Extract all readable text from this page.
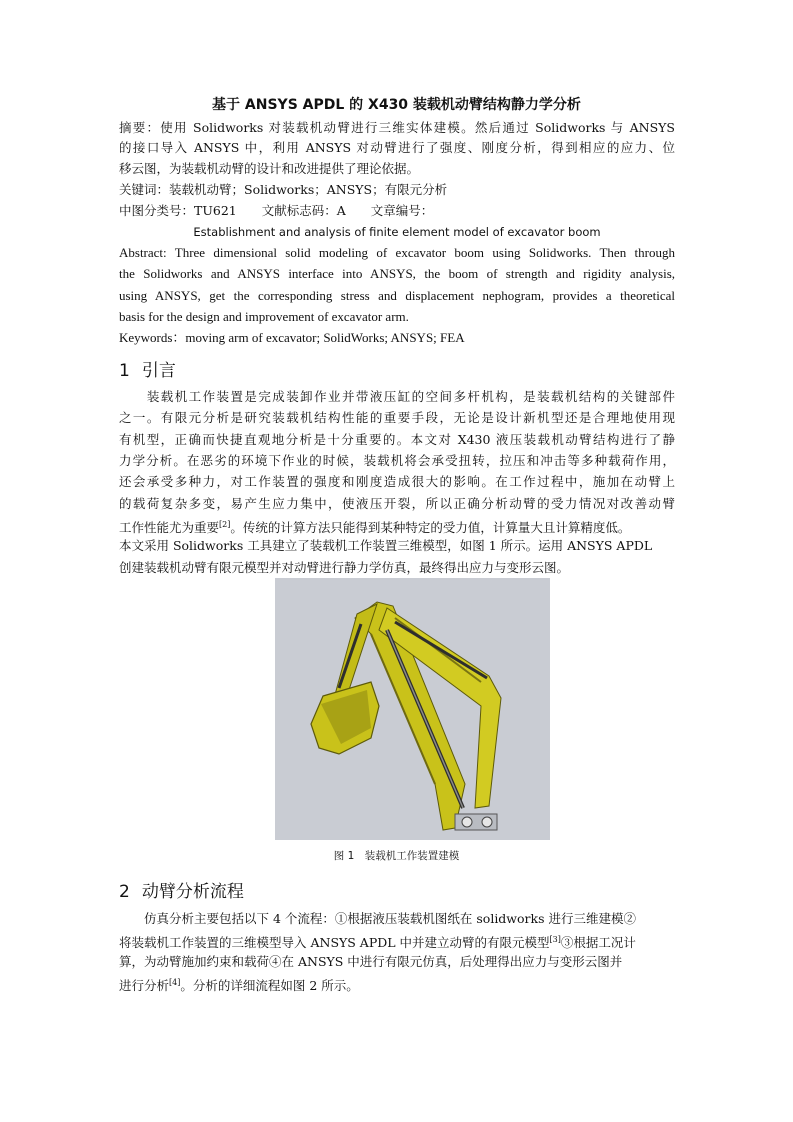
基于 ANSYS APDL 的 X430 装载机动臂结构静力学分析
摘要：使用 Solidworks 对装载机动臂进行三维实体建模。然后通过 Solidworks 与 ANSYS
的接口导入 ANSYS 中，利用 ANSYS 对动臂进行了强度、刚度分析，得到相应的应力、位
移云图，为装载机动臂的设计和改进提供了理论依据。
关键词：装载机动臂；Solidworks；ANSYS；有限元分析
中图分类号：TU621　　文献标志码：A　　文章编号：
Establishment and analysis of finite element model of excavator boom
Abstract: Three dimensional solid modeling of excavator boom using Solidworks. Then through
the Solidworks and ANSYS interface into ANSYS, the boom of strength and rigidity analysis,
using ANSYS, get the corresponding stress and displacement nephogram, provides a theoretical
basis for the design and improvement of excavator arm.
Keywords：moving arm of excavator; SolidWorks; ANSYS; FEA
1 引言
　　装载机工作装置是完成装卸作业并带液压缸的空间多杆机构，是装载机结构的关键部件
之一。有限元分析是研究装载机结构性能的重要手段，无论是设计新机型还是合理地使用现
有机型，正确而快捷直观地分析是十分重要的。本文对 X430 液压装载机动臂结构进行了静
力学分析。在恶劣的环境下作业的时候，装载机将会承受扭转，拉压和冲击等多种载荷作用，
还会承受多种力，对工作装置的强度和刚度造成很大的影响。在工作过程中，施加在动臂上
的载荷复杂多变，易产生应力集中，使液压开裂，所以正确分析动臂的受力情况对改善动臂
工作性能尤为重要[2]。传统的计算方法只能得到某种特定的受力值，计算量大且计算精度低。
本文采用 Solidworks 工具建立了装载机工作装置三维模型，如图 1 所示。运用 ANSYS APDL
创建装载机动臂有限元模型并对动臂进行静力学仿真，最终得出应力与变形云图。
图 1　装载机工作装置建模
2 动臂分析流程
　　仿真分析主要包括以下 4 个流程：①根据液压装载机图纸在 solidworks 进行三维建模②
将装载机工作装置的三维模型导入 ANSYS APDL 中并建立动臂的有限元模型[3]③根据工况计
算，为动臂施加约束和载荷④在 ANSYS 中进行有限元仿真，后处理得出应力与变形云图并
进行分析[4]。分析的详细流程如图 2 所示。
